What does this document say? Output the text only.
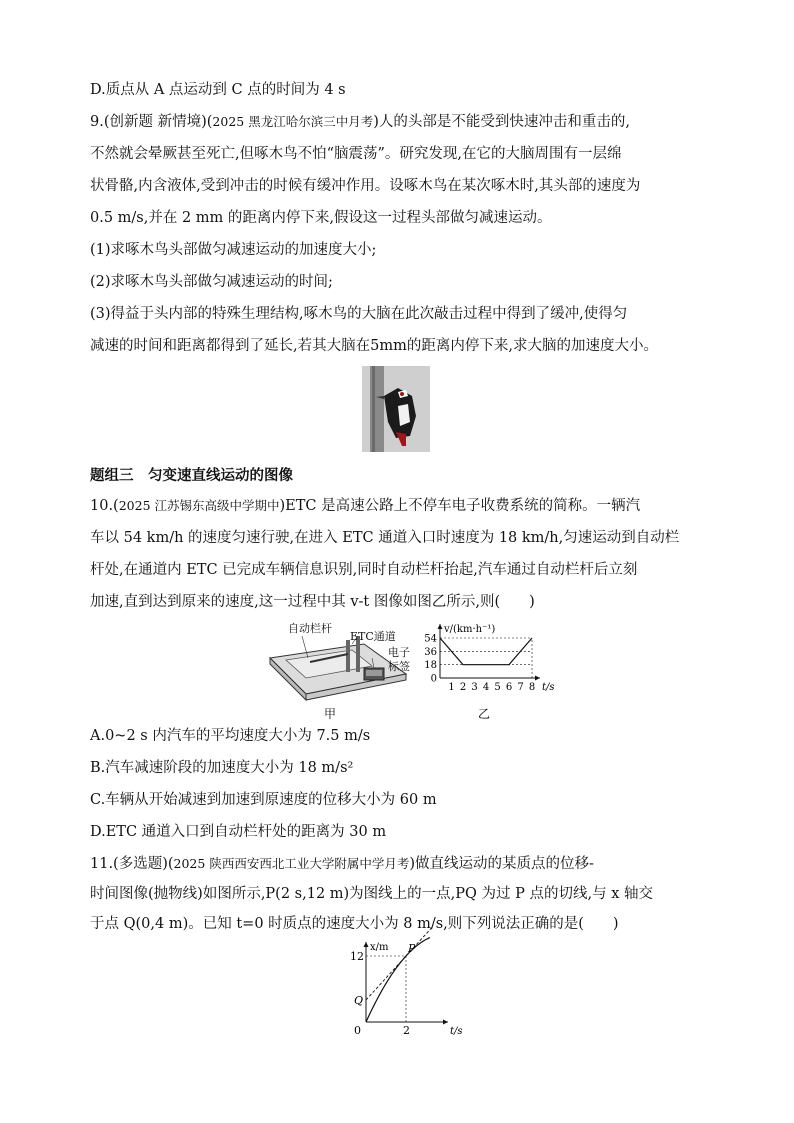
D.质点从 A 点运动到 C 点的时间为 4 s
9.(创新题 新情境)(2025 黑龙江哈尔滨三中月考)人的头部是不能受到快速冲击和重击的,
不然就会晕厥甚至死亡,但啄木鸟不怕“脑震荡”。研究发现,在它的大脑周围有一层绵
状骨骼,内含液体,受到冲击的时候有缓冲作用。设啄木鸟在某次啄木时,其头部的速度为
0.5 m/s,并在 2 mm 的距离内停下来,假设这一过程头部做匀减速运动。
(1)求啄木鸟头部做匀减速运动的加速度大小;
(2)求啄木鸟头部做匀减速运动的时间;
(3)得益于头内部的特殊生理结构,啄木鸟的大脑在此次敲击过程中得到了缓冲,使得匀
减速的时间和距离都得到了延长,若其大脑在5mm的距离内停下来,求大脑的加速度大小。
题组三　匀变速直线运动的图像
10.(2025 江苏锡东高级中学期中)ETC 是高速公路上不停车电子收费系统的简称。一辆汽
车以 54 km/h 的速度匀速行驶,在进入 ETC 通道入口时速度为 18 km/h,匀速运动到自动栏
杆处,在通道内 ETC 已完成车辆信息识别,同时自动栏杆抬起,汽车通过自动栏杆后立刻
加速,直到达到原来的速度,这一过程中其 v-t 图像如图乙所示,则(　　)
自动栏杆
ETC通道
电子
标签
甲
54
36
18
0
1 2 3 4 5 6 7 8
v/(km·h⁻¹)
t/s
乙
A.0~2 s 内汽车的平均速度大小为 7.5 m/s
B.汽车减速阶段的加速度大小为 18 m/s²
C.车辆从开始减速到加速到原速度的位移大小为 60 m
D.ETC 通道入口到自动栏杆处的距离为 30 m
11.(多选题)(2025 陕西西安西北工业大学附属中学月考)做直线运动的某质点的位移-
时间图像(抛物线)如图所示,P(2 s,12 m)为图线上的一点,PQ 为过 P 点的切线,与 x 轴交
于点 Q(0,4 m)。已知 t=0 时质点的速度大小为 8 m/s,则下列说法正确的是(　　)
x/m
t/s
12
0	2
P
Q
